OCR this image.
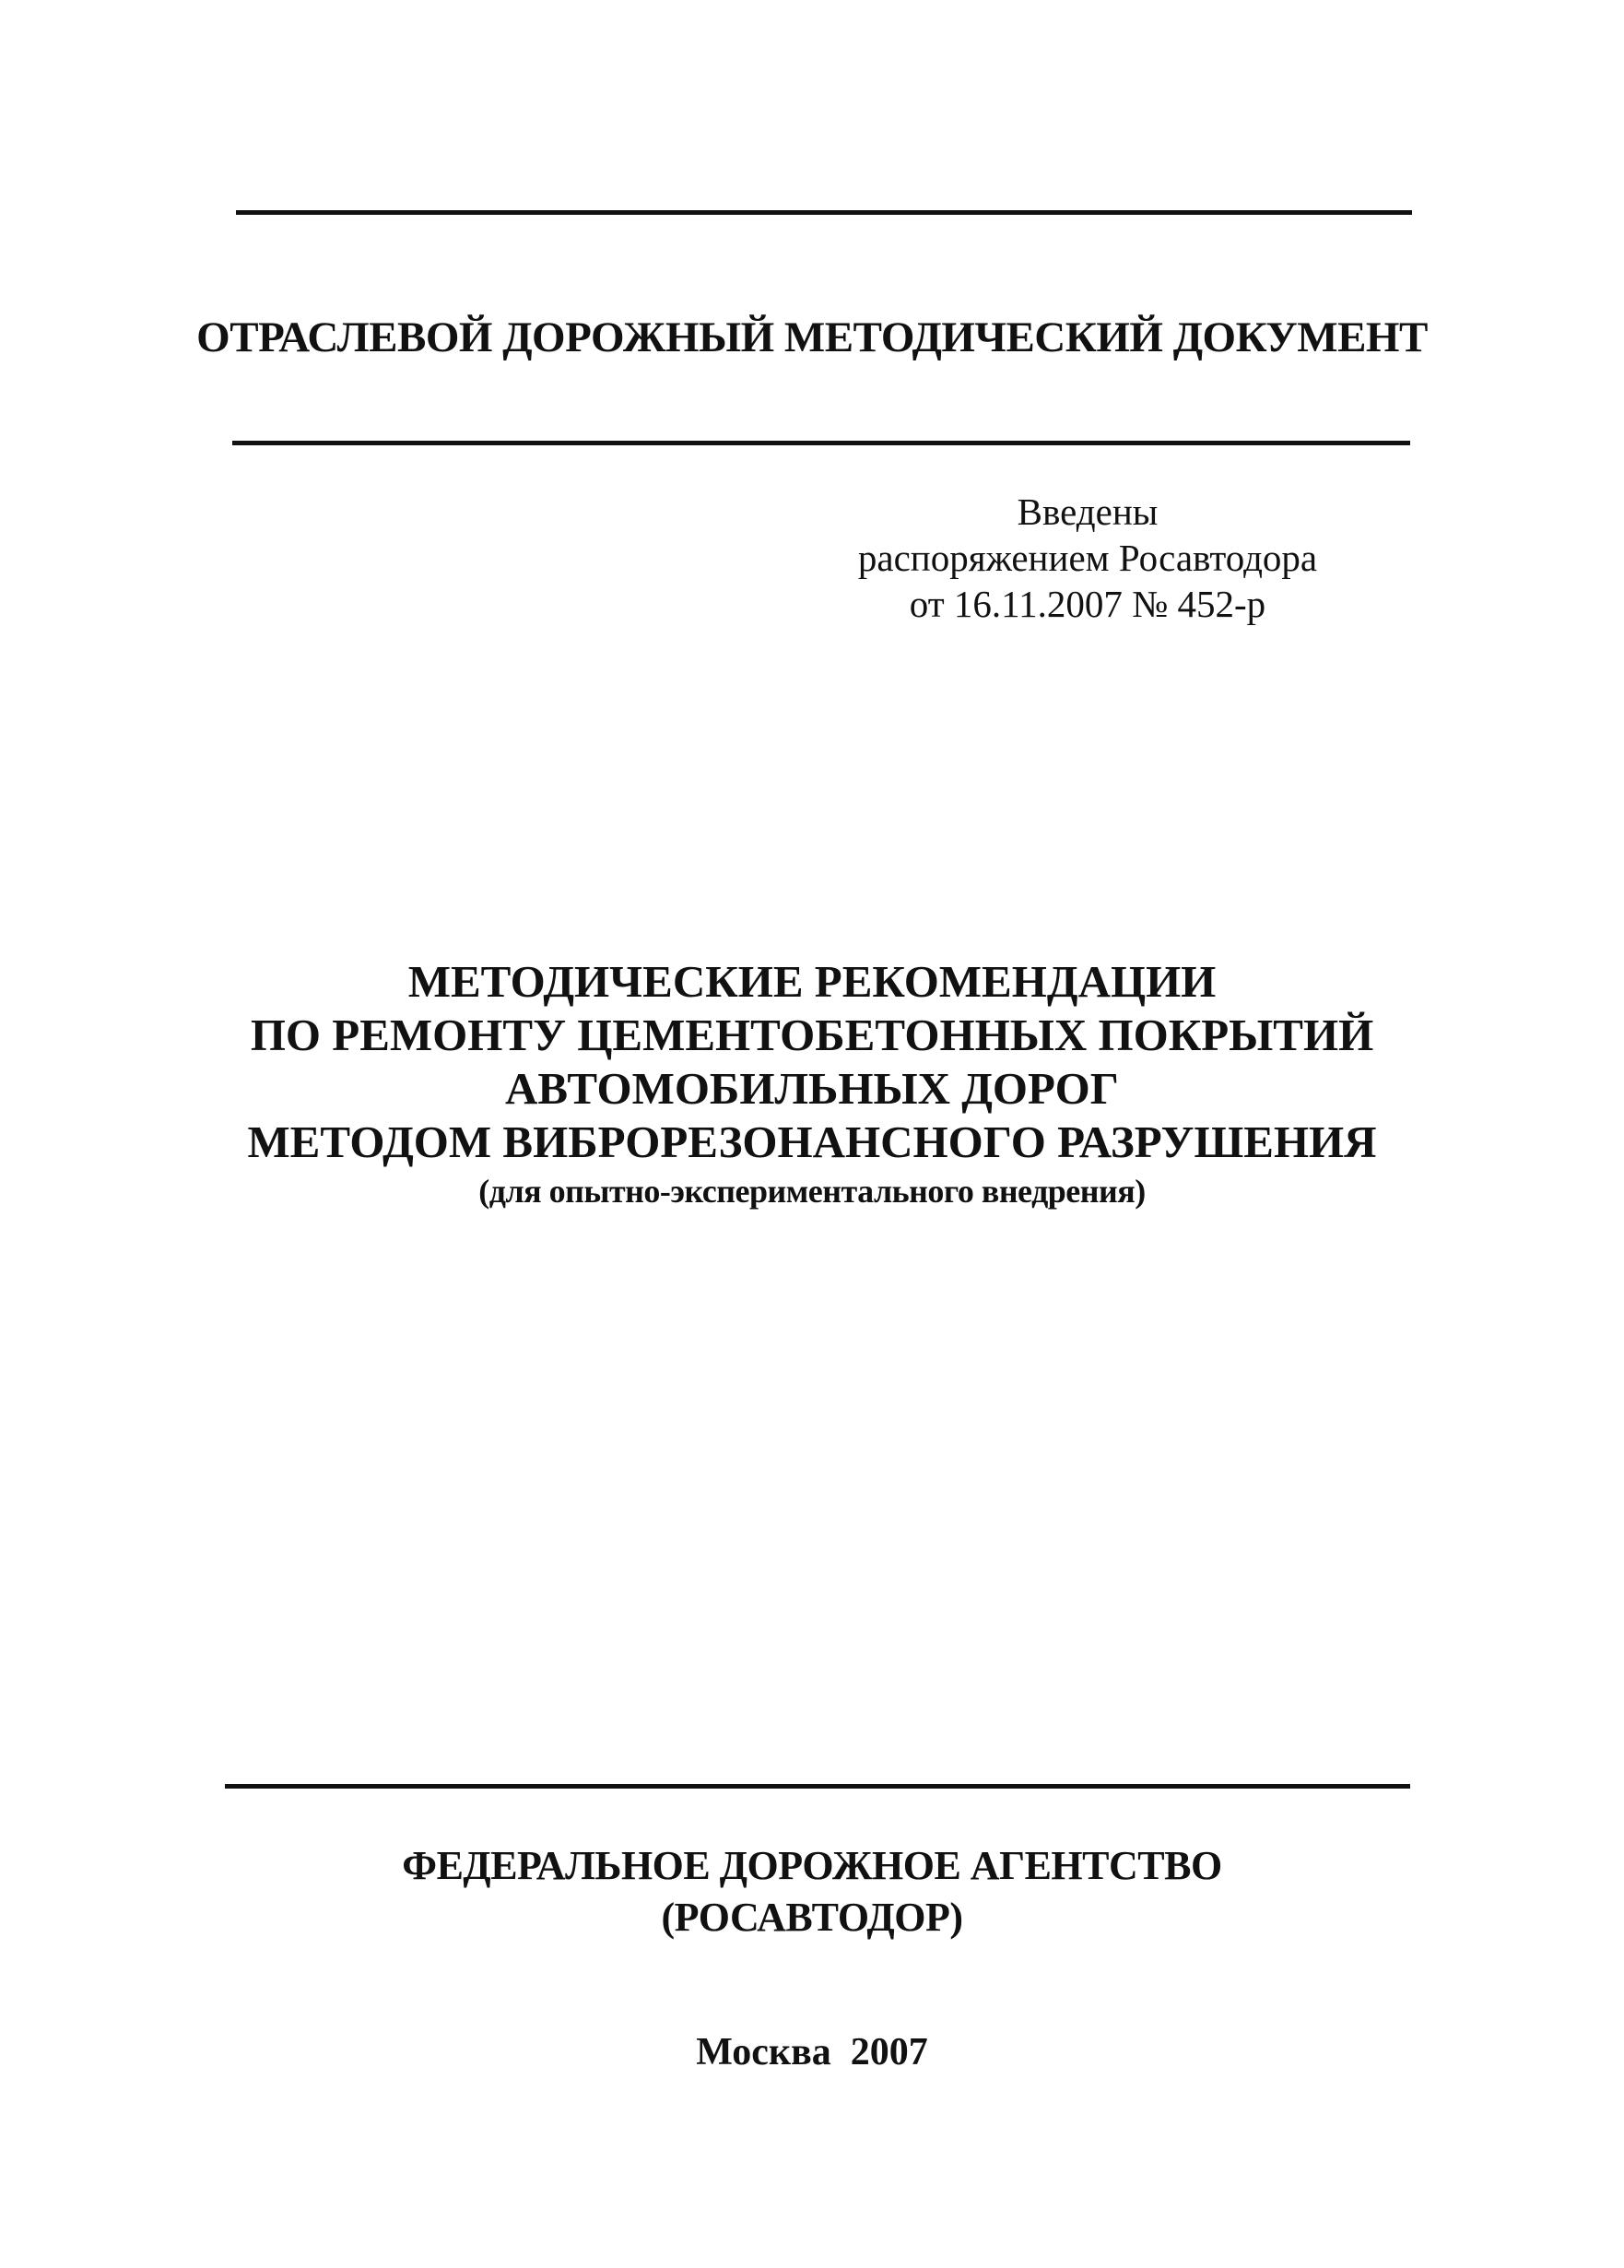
ОТРАСЛЕВОЙ ДОРОЖНЫЙ МЕТОДИЧЕСКИЙ ДОКУМЕНТ
Введены
распоряжением Росавтодора
от 16.11.2007 № 452-р
МЕТОДИЧЕСКИЕ РЕКОМЕНДАЦИИ
ПО РЕМОНТУ ЦЕМЕНТОБЕТОННЫХ ПОКРЫТИЙ
АВТОМОБИЛЬНЫХ ДОРОГ
МЕТОДОМ ВИБРОРЕЗОНАНСНОГО РАЗРУШЕНИЯ
(для опытно-экспериментального внедрения)
ФЕДЕРАЛЬНОЕ ДОРОЖНОЕ АГЕНТСТВО
(РОСАВТОДОР)
Москва  2007
